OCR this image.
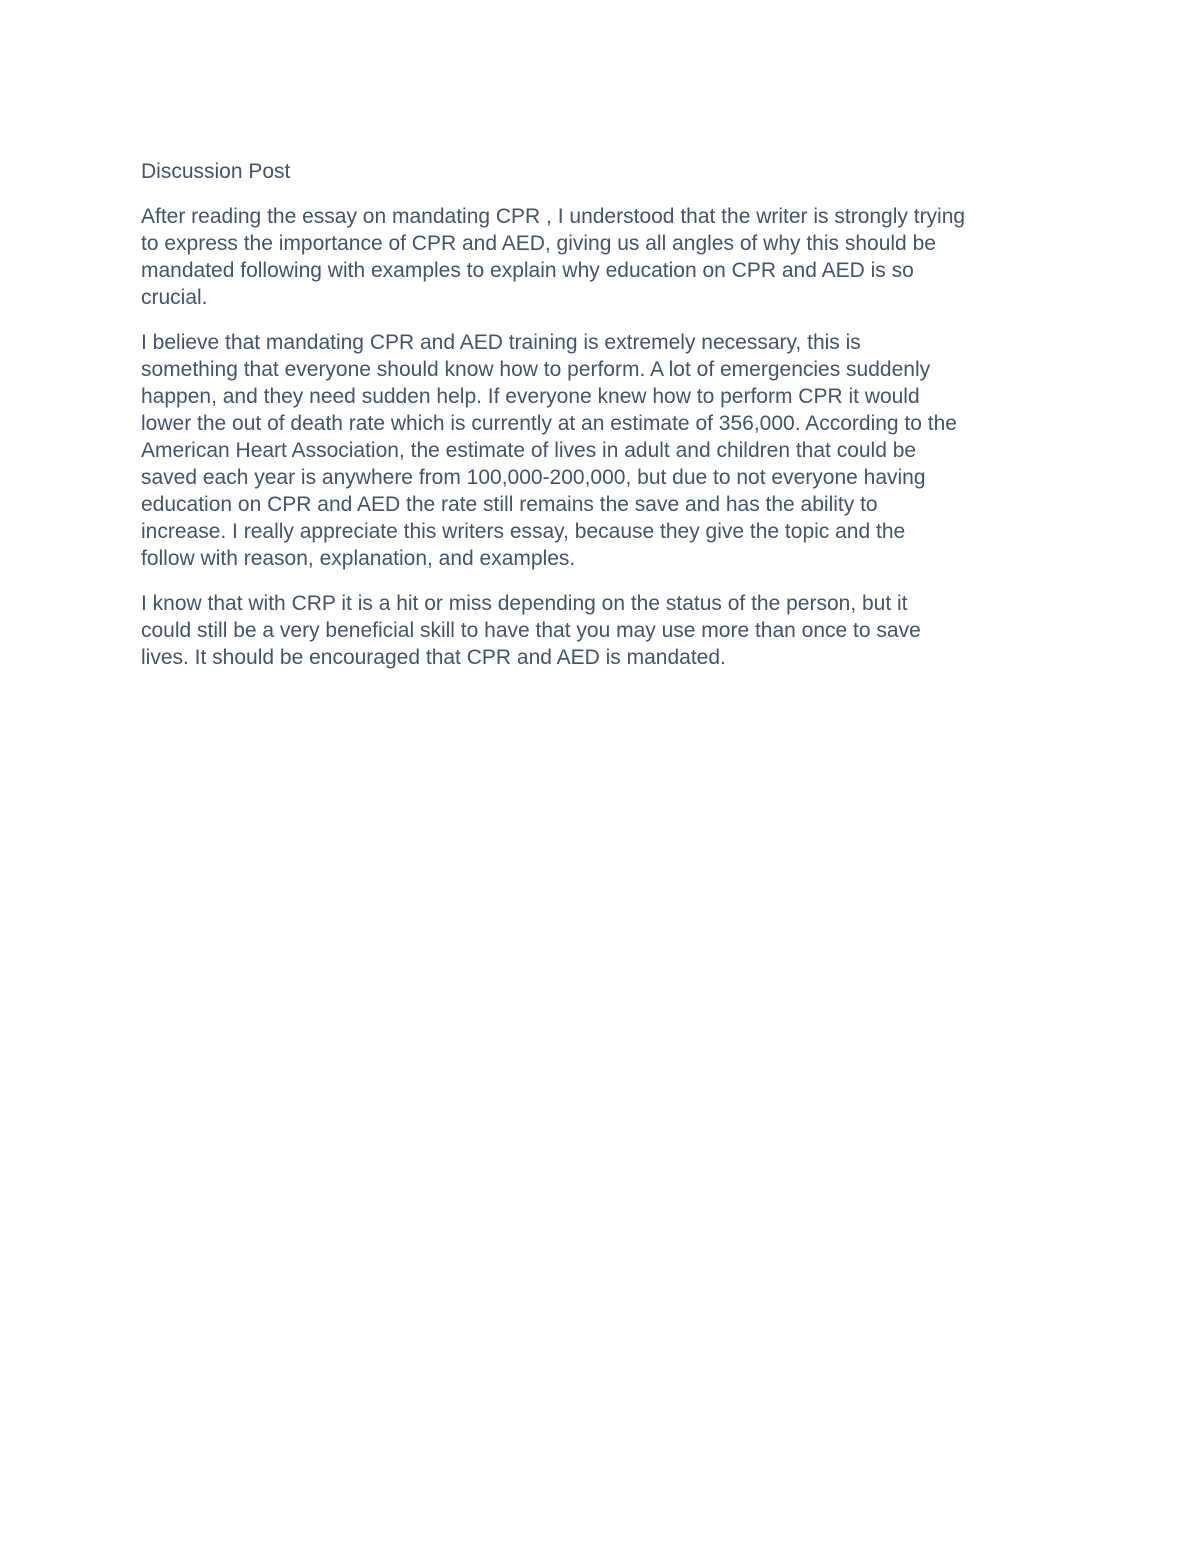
Discussion Post

After reading the essay on mandating CPR , I understood that the writer is strongly trying
to express the importance of CPR and AED, giving us all angles of why this should be
mandated following with examples to explain why education on CPR and AED is so
crucial.

I believe that mandating CPR and AED training is extremely necessary, this is
something that everyone should know how to perform. A lot of emergencies suddenly
happen, and they need sudden help. If everyone knew how to perform CPR it would
lower the out of death rate which is currently at an estimate of 356,000. According to the
American Heart Association, the estimate of lives in adult and children that could be
saved each year is anywhere from 100,000-200,000, but due to not everyone having
education on CPR and AED the rate still remains the save and has the ability to
increase. I really appreciate this writers essay, because they give the topic and the
follow with reason, explanation, and examples.

I know that with CRP it is a hit or miss depending on the status of the person, but it
could still be a very beneficial skill to have that you may use more than once to save
lives. It should be encouraged that CPR and AED is mandated.
